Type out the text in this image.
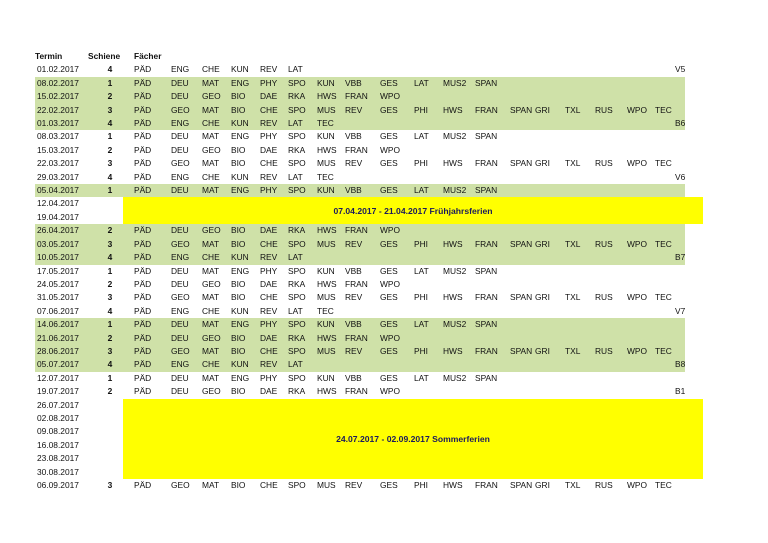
Termin	Schiene Fächer
01.02.2017	4	PÄD ENG CHE KUN REV LAT	V5
08.02.2017	1	PÄD DEU MAT ENG PHY SPO KUN VBB GES LAT MUS2 SPAN
15.02.2017	2	PÄD DEU GEO BIO DAE RKA HWS FRAN WPO
22.02.2017	3	PÄD GEO MAT BIO CHE SPO MUS REV GES PHI HWS FRAN SPAN GRI TXL RUS WPO TEC
01.03.2017	4	PÄD ENG CHE KUN REV LAT TEC	B6
08.03.2017	1	PÄD DEU MAT ENG PHY SPO KUN VBB GES LAT MUS2 SPAN
15.03.2017	2	PÄD DEU GEO BIO DAE RKA HWS FRAN WPO
22.03.2017	3	PÄD GEO MAT BIO CHE SPO MUS REV GES PHI HWS FRAN SPAN GRI TXL RUS WPO TEC
29.03.2017	4	PÄD ENG CHE KUN REV LAT TEC	V6
05.04.2017	1	PÄD DEU MAT ENG PHY SPO KUN VBB GES LAT MUS2 SPAN
07.04.2017 - 21.04.2017 Frühjahrsferien
12.04.2017
19.04.2017
26.04.2017	2	PÄD DEU GEO BIO DAE RKA HWS FRAN WPO
03.05.2017	3	PÄD GEO MAT BIO CHE SPO MUS REV GES PHI HWS FRAN SPAN GRI TXL RUS WPO TEC
10.05.2017	4	PÄD ENG CHE KUN REV LAT	B7
17.05.2017	1	PÄD DEU MAT ENG PHY SPO KUN VBB GES LAT MUS2 SPAN
24.05.2017	2	PÄD DEU GEO BIO DAE RKA HWS FRAN WPO
31.05.2017	3	PÄD GEO MAT BIO CHE SPO MUS REV GES PHI HWS FRAN SPAN GRI TXL RUS WPO TEC
07.06.2017	4	PÄD ENG CHE KUN REV LAT TEC	V7
14.06.2017	1	PÄD DEU MAT ENG PHY SPO KUN VBB GES LAT MUS2 SPAN
21.06.2017	2	PÄD DEU GEO BIO DAE RKA HWS FRAN WPO
28.06.2017	3	PÄD GEO MAT BIO CHE SPO MUS REV GES PHI HWS FRAN SPAN GRI TXL RUS WPO TEC
05.07.2017	4	PÄD ENG CHE KUN REV LAT	B8
12.07.2017	1	PÄD DEU MAT ENG PHY SPO KUN VBB GES LAT MUS2 SPAN
19.07.2017	2	PÄD DEU GEO BIO DAE RKA HWS FRAN WPO	B1
24.07.2017 - 02.09.2017 Sommerferien
26.07.2017
02.08.2017
09.08.2017
16.08.2017
23.08.2017
30.08.2017
06.09.2017	3	PÄD GEO MAT BIO CHE SPO MUS REV GES PHI HWS FRAN SPAN GRI TXL RUS WPO TEC
